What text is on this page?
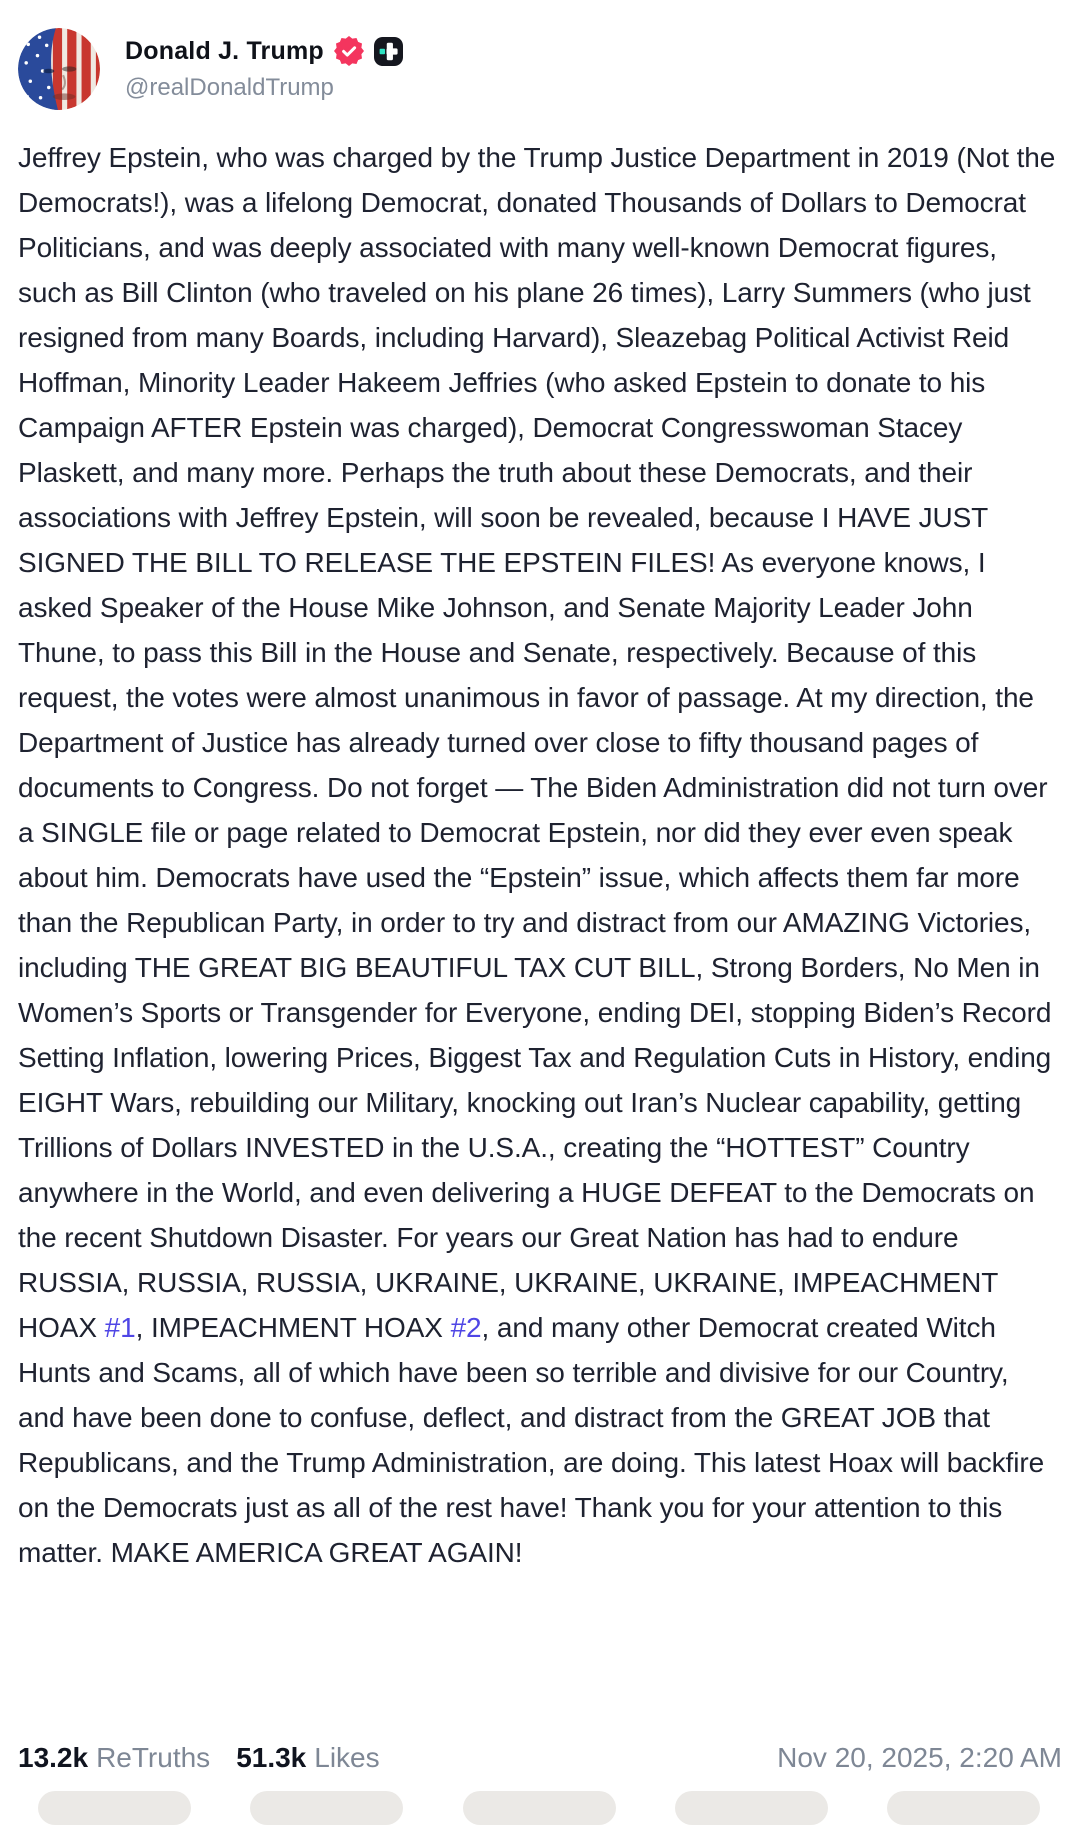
Donald J. Trump
@realDonaldTrump

Jeffrey Epstein, who was charged by the Trump Justice Department in 2019 (Not the Democrats!), was a lifelong Democrat, donated Thousands of Dollars to Democrat Politicians, and was deeply associated with many well-known Democrat figures, such as Bill Clinton (who traveled on his plane 26 times), Larry Summers (who just resigned from many Boards, including Harvard), Sleazebag Political Activist Reid Hoffman, Minority Leader Hakeem Jeffries (who asked Epstein to donate to his Campaign AFTER Epstein was charged), Democrat Congresswoman Stacey Plaskett, and many more. Perhaps the truth about these Democrats, and their associations with Jeffrey Epstein, will soon be revealed, because I HAVE JUST SIGNED THE BILL TO RELEASE THE EPSTEIN FILES! As everyone knows, I asked Speaker of the House Mike Johnson, and Senate Majority Leader John Thune, to pass this Bill in the House and Senate, respectively. Because of this request, the votes were almost unanimous in favor of passage. At my direction, the Department of Justice has already turned over close to fifty thousand pages of documents to Congress. Do not forget — The Biden Administration did not turn over a SINGLE file or page related to Democrat Epstein, nor did they ever even speak about him. Democrats have used the “Epstein” issue, which affects them far more than the Republican Party, in order to try and distract from our AMAZING Victories, including THE GREAT BIG BEAUTIFUL TAX CUT BILL, Strong Borders, No Men in Women’s Sports or Transgender for Everyone, ending DEI, stopping Biden’s Record Setting Inflation, lowering Prices, Biggest Tax and Regulation Cuts in History, ending EIGHT Wars, rebuilding our Military, knocking out Iran’s Nuclear capability, getting Trillions of Dollars INVESTED in the U.S.A., creating the “HOTTEST” Country anywhere in the World, and even delivering a HUGE DEFEAT to the Democrats on the recent Shutdown Disaster. For years our Great Nation has had to endure RUSSIA, RUSSIA, RUSSIA, UKRAINE, UKRAINE, UKRAINE, IMPEACHMENT HOAX #1, IMPEACHMENT HOAX #2, and many other Democrat created Witch Hunts and Scams, all of which have been so terrible and divisive for our Country, and have been done to confuse, deflect, and distract from the GREAT JOB that Republicans, and the Trump Administration, are doing. This latest Hoax will backfire on the Democrats just as all of the rest have! Thank you for your attention to this matter. MAKE AMERICA GREAT AGAIN!

13.2k ReTruths 51.3k Likes	Nov 20, 2025, 2:20 AM
